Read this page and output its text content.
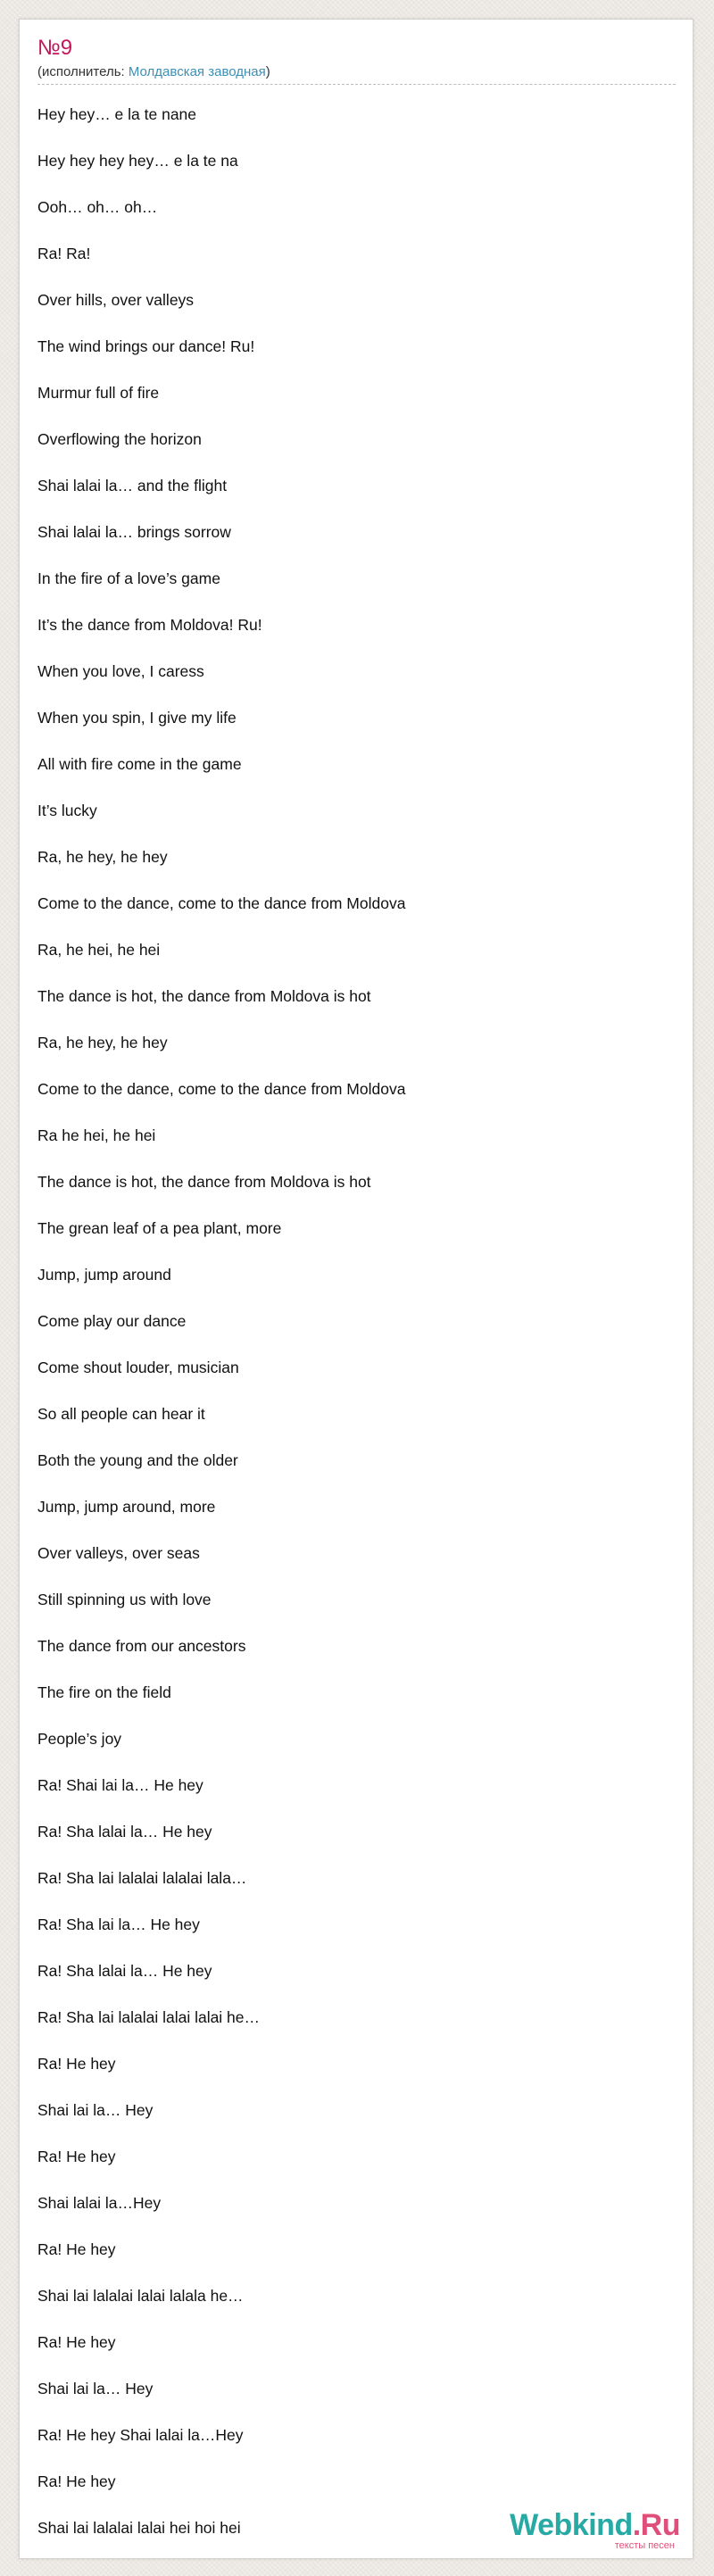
№9
(исполнитель: Молдавская заводная)
Hey hey… e la te nane
Hey hey hey hey… e la te na
Ooh… oh… oh…
Ra! Ra!
Over hills, over valleys
The wind brings our dance! Ru!
Murmur full of fire
Overflowing the horizon
Shai lalai la… and the flight
Shai lalai la… brings sorrow
In the fire of a love’s game
It’s the dance from Moldova! Ru!
When you love, I caress
When you spin, I give my life
All with fire come in the game
It’s lucky
Ra, he hey, he hey
Come to the dance, come to the dance from Moldova
Ra, he hei, he hei
The dance is hot, the dance from Moldova is hot
Ra, he hey, he hey
Come to the dance, come to the dance from Moldova
Ra he hei, he hei
The dance is hot, the dance from Moldova is hot
The grean leaf of a pea plant, more
Jump, jump around
Come play our dance
Come shout louder, musician
So all people can hear it
Both the young and the older
Jump, jump around, more
Over valleys, over seas
Still spinning us with love
The dance from our ancestors
The fire on the field
People’s joy
Ra! Shai lai la… He hey
Ra! Sha lalai la… He hey
Ra! Sha lai lalalai lalalai lala…
Ra! Sha lai la… He hey
Ra! Sha lalai la… He hey
Ra! Sha lai lalalai lalai lalai he…
Ra! He hey
Shai lai la… Hey
Ra! He hey
Shai lalai la…Hey
Ra! He hey
Shai lai lalalai lalai lalala he…
Ra! He hey
Shai lai la… Hey
Ra! He hey Shai lalai la…Hey
Ra! He hey
Shai lai lalalai lalai hei hoi hei	Webkind.Ru
тексты песен
